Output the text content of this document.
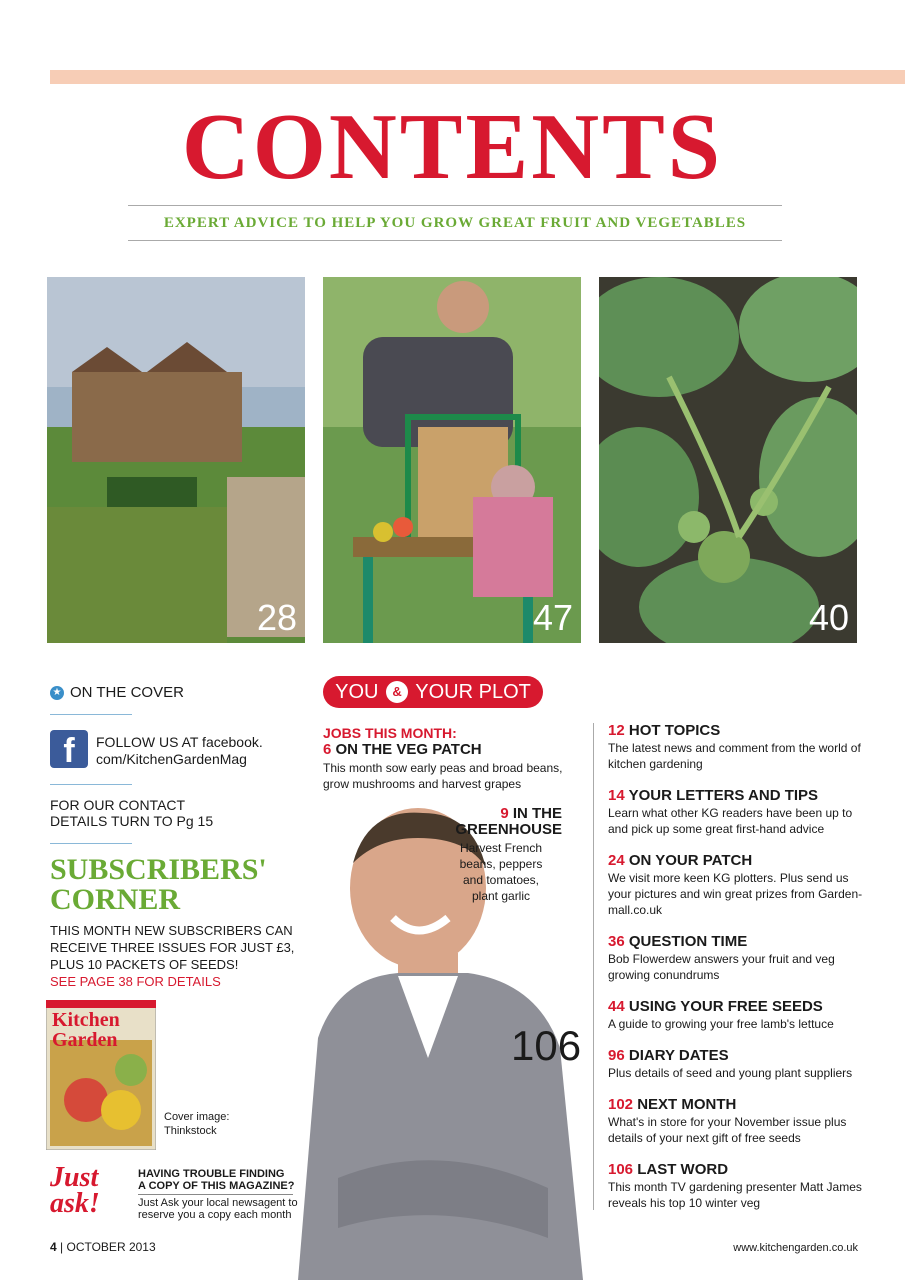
CONTENTS
EXPERT ADVICE TO HELP YOU GROW GREAT FRUIT AND VEGETABLES
28	47	40
★ ON THE COVER
f	FOLLOW US AT facebook.
com/KitchenGardenMag
FOR OUR CONTACT
DETAILS TURN TO Pg 15
SUBSCRIBERS'
CORNER
THIS MONTH NEW SUBSCRIBERS CAN RECEIVE THREE ISSUES FOR JUST £3, PLUS 10 PACKETS OF SEEDS!
SEE PAGE 38 FOR DETAILS
Kitchen Garden
Cover image:
Thinkstock
Just ask!
HAVING TROUBLE FINDING
A COPY OF THIS MAGAZINE?
Just Ask your local newsagent to
reserve you a copy each month
YOU & YOUR PLOT
JOBS THIS MONTH:
6 ON THE VEG PATCH
This month sow early peas and broad beans, grow mushrooms and harvest grapes
106
9 IN THE
GREENHOUSE
Harvest French
beans, peppers
and tomatoes,
plant garlic
12 HOT TOPICS
The latest news and comment from the world of kitchen gardening
14 YOUR LETTERS AND TIPS
Learn what other KG readers have been up to and pick up some great first-hand advice
24 ON YOUR PATCH
We visit more keen KG plotters. Plus send us your pictures and win great prizes from Garden-mall.co.uk
36 QUESTION TIME
Bob Flowerdew answers your fruit and veg growing conundrums
44 USING YOUR FREE SEEDS
A guide to growing your free lamb's lettuce
96 DIARY DATES
Plus details of seed and young plant suppliers
102 NEXT MONTH
What's in store for your November issue plus details of your next gift of free seeds
106 LAST WORD
This month TV gardening presenter Matt James reveals his top 10 winter veg
4 | OCTOBER 2013	www.kitchengarden.co.uk
